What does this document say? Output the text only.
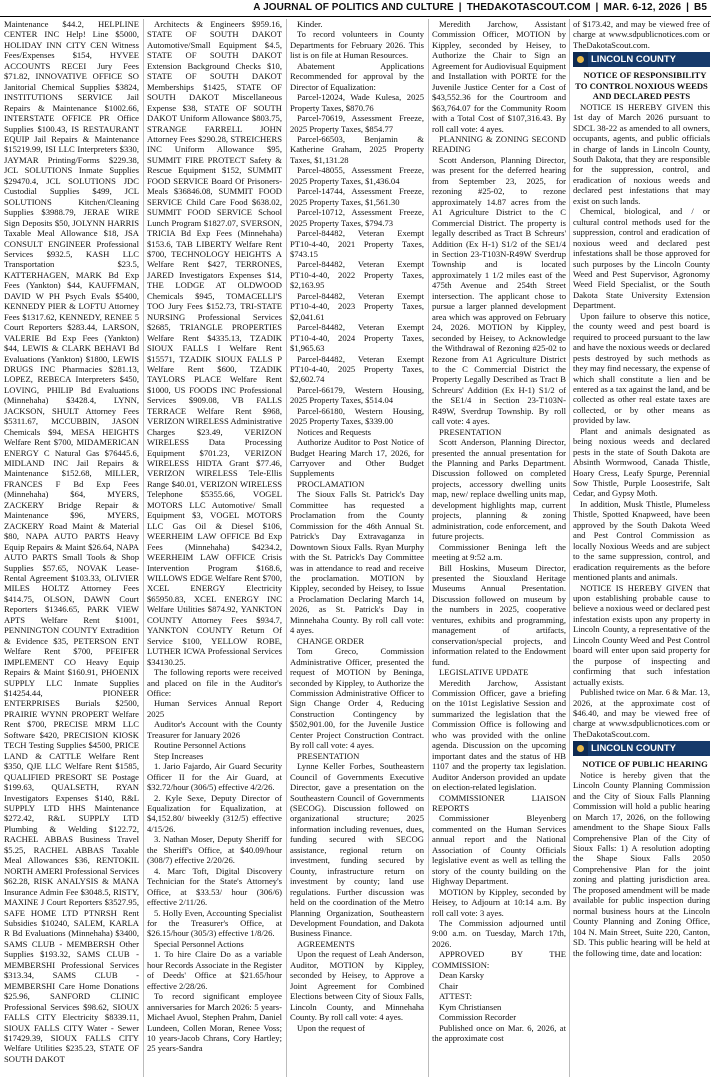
A JOURNAL OF POLITICS AND CULTURE | THEDAKOTASCOUT.COM | MAR. 6-12, 2026 | B5

Maintenance $44.2, HELPLINE CENTER INC Help! Line $5000, HOLIDAY INN CITY CEN Witness Fees/Expenses $154, HYVEE ACCOUNTS RECEI Jury Fees $71.82, INNOVATIVE OFFICE SO Janitorial Chemical Supplies $3824, INSTITUTIONS SERVICE Jail Repairs & Maintenance $1002.66, INTERSTATE OFFICE PR Office Supplies $100.43, IS RESTAURANT EQUIP Jail Repairs & Maintenance $15219.99, ISI LLC Interpreters $330, JAYMAR Printing/Forms $229.38, JCL SOLUTIONS Inmate Supplies $29470.4, JCL SOLUTIONS JDC Custodial Supplies $499, JCL SOLUTIONS Kitchen/Cleaning Supplies $3988.79, JERAE WIRE Sign Deposits $50, JOLYNN HARRIS Taxable Meal Allowance $18, JSA CONSULT ENGINEER Professional Services $932.5, KASH LLC Transportation $23.5, KATTERHAGEN, MARK Bd Exp Fees (Yankton) $44, KAUFFMAN, DAVID W PH Psych Evals $5400, KENNEDY PIER & LOFTU Attorney Fees $1317.62, KENNEDY, RENEE 5 Court Reporters $283.44, LARSON, VALERIE Bd Exp Fees (Yankton) $44, LEWIS & CLARK BEHAVI Bd Evaluations (Yankton) $1800, LEWIS DRUGS INC Pharmacies $281.13, LOPEZ, REBECA Interpreters $450, LOVING, PHILIP Bd Evaluations (Minnehaha) $3428.4, LYNN, JACKSON, SHULT Attorney Fees $5311.67, MCCUBBIN, JASON Chemicals $94, MESA HEIGHTS Welfare Rent $700, MIDAMERICAN ENERGY C Natural Gas $76445.6, MIDLAND INC Jail Repairs & Maintenance $152.68, MILLER, FRANCES F Bd Exp Fees (Minnehaha) $64, MYERS, ZACKERY Bridge Repair & Maintenance $96, MYERS, ZACKERY Road Maint & Material $80, NAPA AUTO PARTS Heavy Equip Repairs & Maint $26.64, NAPA AUTO PARTS Small Tools & Shop Supplies $57.65, NOVAK Lease-Rental Agreement $103.33, OLIVIER MILES HOLTZ Attorney Fees $414.75, OLSON, DAWN Court Reporters $1346.65, PARK VIEW APTS Welfare Rent $1001, PENNINGTON COUNTY Extradition & Evidence $35, PETERSON ENT Welfare Rent $700, PFEIFER IMPLEMENT CO Heavy Equip Repairs & Maint $160.91, PHOENIX SUPPLY LLC Inmate Supplies $14254.44, PIONEER ENTERPRISES Burials $2500, PRAIRIE WYNN PROPERT Welfare Rent $700, PRECISE MRM LLC Software $420, PRECISION KIOSK TECH Testing Supplies $4500, PRICE LAND & CATTLE Welfare Rent $350, QJE LLC Welfare Rent $1585, QUALIFIED PRESORT SE Postage $199.63, QUALSETH, RYAN Investigators Expenses $140, R&L SUPPLY LTD HHS Maintenance $272.42, R&L SUPPLY LTD Plumbing & Welding $122.72, RACHEL ABBAS Business Travel $5.25, RACHEL ABBAS Taxable Meal Allowances $36, RENTOKIL NORTH AMERI Professional Services $62.28, RISK ANALYSIS & MANA Insurance Admin Fee $3048.5, RISTY, MAXINE J Court Reporters $3527.95, SAFE HOME LTD PTNRSH Rent Subsidies $10240, SALEM, KARLA R Bd Evaluations (Minnehaha) $3400, SAMS CLUB - MEMBERSH Other Supplies $193.32, SAMS CLUB - MEMBERSHI Professional Services $313.34, SAMS CLUB - MEMBERSHI Care Home Donations $25.96, SANFORD CLINIC Professional Services $98.62, SIOUX FALLS CITY Electricity $8339.11, SIOUX FALLS CITY Water - Sewer $17429.39, SIOUX FALLS CITY Welfare Utilities $235.23, STATE OF SOUTH DAKOT

Architects & Engineers $959.16, STATE OF SOUTH DAKOT Automotive/Small Equipment $4.5, STATE OF SOUTH DAKOT Extension Background Checks $10, STATE OF SOUTH DAKOT Memberships $1425, STATE OF SOUTH DAKOT Miscellaneous Expense $38, STATE OF SOUTH DAKOT Uniform Allowance $803.75, STRANGE FARRELL JOHN Attorney Fees $290.28, STREICHERS INC Uniform Allowance $95, SUMMIT FIRE PROTECT Safety & Rescue Equipment $152, SUMMIT FOOD SERVICE Board Of Prisoners-Meals $36846.08, SUMMIT FOOD SERVICE Child Care Food $638.02, SUMMIT FOOD SERVICE School Lunch Program $1827.07, SVERSON, TRICIA Bd Exp Fees (Minnehaha) $153.6, TAB LIBERTY Welfare Rent $700, TECHNOLOGY HEIGHTS A Welfare Rent $427, TERRONES, JARED Investigators Expenses $14, THE LODGE AT OLDWOOD Chemicals $945, TOMACELLI'S TOO Jury Fees $152.73, TRI-STATE NURSING Professional Services $2685, TRIANGLE PROPERTIES Welfare Rent $4335.13, TZADIK SIOUX FALLS I Welfare Rent $15571, TZADIK SIOUX FALLS P Welfare Rent $600, TZADIK TAYLORS PLACE Welfare Rent $1000, US FOODS INC Professional Services $909.08, VB FALLS TERRACE Welfare Rent $968, VERIZON WIRELESS Administrative Charges $23.49, VERIZON WIRELESS Data Processing Equipment $701.23, VERIZON WIRELESS HIDTA Grant $77.46, VERIZON WIRELESS Tele-Ellis Range $40.01, VERIZON WIRELESS Telephone $5355.66, VOGEL MOTORS LLC Automotive/ Small Equipment $3, VOGEL MOTORS LLC Gas Oil & Diesel $106, WEERHEIM LAW OFFICE Bd Exp Fees (Minnehaha) $4234.2, WEERHEIM LAW OFFICE Crisis Intervention Program $168.6, WILLOWS EDGE Welfare Rent $700, XCEL ENERGY Electricity $65950.83, XCEL ENERGY INC Welfare Utilities $874.92, YANKTON COUNTY Attorney Fees $934.7, YANKTON COUNTY Return Of Service $100, YELLOW ROBE, LUTHER ICWA Professional Services $34130.25.

The following reports were received and placed on file in the Auditor's Office:

Human Services Annual Report 2025

Auditor's Account with the County Treasurer for January 2026

Routine Personnel Actions

Step Increases

1. Jario Fajardo, Air Guard Security Officer II for the Air Guard, at $32.72/hour (306/5) effective 4/2/26.

2. Kyle Sexe, Deputy Director of Equalization for Equalization, at $4,152.80/ biweekly (312/5) effective 4/15/26.

3. Nathan Moser, Deputy Sheriff for the Sheriff's Office, at $40.09/hour (308/7) effective 2/20/26.

4. Marc Toft, Digital Discovery Technician for the State's Attorney's Office, at $33.53/ hour (306/6) effective 2/11/26.

5. Holly Even, Accounting Specialist for the Treasurer's Office, at $26.15/hour (305/3) effective 1/8/26.

Special Personnel Actions

1. To hire Claire Do as a variable hour Records Associate in the Register of Deeds' Office at $21.65/hour effective 2/28/26.

To record significant employee anniversaries for March 2026: 5 years-Michael Avuol, Stephen Prahm, Daniel Lundeen, Collen Moran, Renee Voss; 10 years-Jacob Chrans, Cory Hartley; 25 years-Sandra

Kinder.

To record volunteers in County Departments for February 2026. This list is on file at Human Resources.

Abatement Applications Recommended for approval by the Director of Equalization:

Parcel-12024, Wade Kulesa, 2025 Property Taxes, $870.76

Parcel-70619, Assessment Freeze, 2025 Property Taxes, $854.77

Parcel-66503, Benjamin & Katherine Graham, 2025 Property Taxes, $1,131.28

Parcel-48055, Assessment Freeze, 2025 Property Taxes, $1,436.04

Parcel-14744, Assessment Freeze, 2025 Property Taxes, $1,561.30

Parcel-10712, Assessment Freeze, 2025 Property Taxes, $794.73

Parcel-84482, Veteran Exempt PT10-4-40, 2021 Property Taxes, $743.15

Parcel-84482, Veteran Exempt PT10-4-40, 2022 Property Taxes, $2,163.95

Parcel-84482, Veteran Exempt PT10-4-40, 2023 Property Taxes, $2,041.61

Parcel-84482, Veteran Exempt PT10-4-40, 2024 Property Taxes, $1,965.63

Parcel-84482, Veteran Exempt PT10-4-40, 2025 Property Taxes, $2,602.74

Parcel-66179, Western Housing, 2025 Property Taxes, $514.04

Parcel-66180, Western Housing, 2025 Property Taxes, $339.00

Notices and Requests

Authorize Auditor to Post Notice of Budget Hearing March 17, 2026, for Carryover and Other Budget Supplements

PROCLAMATION

The Sioux Falls St. Patrick's Day Committee has requested a Proclamation from the County Commission for the 46th Annual St. Patrick's Day Extravaganza in Downtown Sioux Falls. Ryan Murphy with the St. Patrick's Day Committee was in attendance to read and receive the proclamation. MOTION by Kippley, seconded by Heisey, to Issue a Proclamation Declaring March 14, 2026, as St. Patrick's Day in Minnehaha County. By roll call vote: 4 ayes.

CHANGE ORDER

Tom Greco, Commission Administrative Officer, presented the request of MOTION by Beninga, seconded by Kippley, to Authorize the Commission Administrative Officer to Sign Change Order 4, Reducing Construction Contingency by $502,901.00, for the Juvenile Justice Center Project Construction Contract. By roll call vote: 4 ayes.

PRESENTATION

Lynne Keller Forbes, Southeastern Council of Governments Executive Director, gave a presentation on the Southeastern Council of Governments (SECOG). Discussion followed on organizational structure; 2025 information including revenues, dues, funding secured with SECOG assistance, regional return on investment, funding secured by County, infrastructure return on investment by county; land use regulations. Further discussion was held on the coordination of the Metro Planning Organization, Southeastern Development Foundation, and Dakota Business Finance.

AGREEMENTS

Upon the request of Leah Anderson, Auditor, MOTION by Kippley, seconded by Heisey, to Approve a Joint Agreement for Combined Elections between City of Sioux Falls, Lincoln County, and Minnehaha County. By roll call vote: 4 ayes.

Upon the request of

Meredith Jarchow, Assistant Commission Officer, MOTION by Kippley, seconded by Heisey, to Authorize the Chair to Sign an Agreement for Audiovisual Equipment and Installation with PORTE for the Juvenile Justice Center for a Cost of $43,552.36 for the Courtroom and $63,764.07 for the Community Room with a Total Cost of $107,316.43. By roll call vote: 4 ayes.

PLANNING & ZONING SECOND READING

Scott Anderson, Planning Director, was present for the deferred hearing from September 23, 2025, for rezoning #25-02, to rezone approximately 14.87 acres from the A1 Agriculture District to the C Commercial District. The property is legally described as Tract B Schreurs' Addition (Ex H-1) S1/2 of the SE1/4 in Section 23-T103N-R49W Sverdrup Township and is located approximately 1 1/2 miles east of the 475th Avenue and 254th Street intersection. The applicant chose to pursue a larger planned development area which was approved on February 24, 2026. MOTION by Kippley, seconded by Heisey, to Acknowledge the Withdrawal of Rezoning #25-02 to Rezone from A1 Agriculture District to the C Commercial District the Property Legally Described as Tract B Schreurs' Addition (Ex H-1) S1/2 of the SE1/4 in Section 23-T103N-R49W, Sverdrup Township. By roll call vote: 4 ayes.

PRESENTATION

Scott Anderson, Planning Director, presented the annual presentation for the Planning and Parks Department. Discussion followed on completed projects, accessory dwelling units map, new/ replace dwelling units map, development highlights map, current projects, planning & zoning administration, code enforcement, and future projects.

Commissioner Beninga left the meeting at 9:52 a.m.

Bill Hoskins, Museum Director, presented the Siouxland Heritage Museums Annual Presentation. Discussion followed on museum by the numbers in 2025, cooperative ventures, exhibits and programming, management of artifacts, conservation/special projects, and information related to the Endowment fund.

LEGISLATIVE UPDATE

Meredith Jarchow, Assistant Commission Officer, gave a briefing on the 101st Legislative Session and summarized the legislation that the Commission Office is following and who was provided with the online agenda. Discussion on the upcoming important dates and the status of HB 1107 and the property tax legislation. Auditor Anderson provided an update on election-related legislation.

COMMISSIONER LIAISON REPORTS

Commissioner Bleyenberg commented on the Human Services annual report and the National Association of County Officials legislative event as well as telling the story of the county building on the Highway Department.

MOTION by Kippley, seconded by Heisey, to Adjourn at 10:14 a.m. By roll call vote: 3 ayes.

The Commission adjourned until 9:00 a.m. on Tuesday, March 17th, 2026.

APPROVED BY THE COMMISSION:

Dean Karsky

Chair

ATTEST:

Kym Christiansen

Commission Recorder

Published once on Mar. 6, 2026, at the approximate cost

of $173.42, and may be viewed free of charge at www.sdpublicnotices.com or TheDakotaScout.com.

LINCOLN COUNTY

NOTICE OF RESPONSIBILITY TO CONTROL NOXIOUS WEEDS AND DECLARED PESTS

NOTICE IS HEREBY GIVEN this 1st day of March 2026 pursuant to SDCL 38-22 as amended to all owners, occupants, agents, and public officials in charge of lands in Lincoln County, South Dakota, that they are responsible for the suppression, control, and eradication of noxious weeds and declared pest infestations that may exist on such lands.

Chemical, biological, and / or cultural control methods used for the suppression, control and eradication of noxious weed and declared pest infestations shall be those approved for such purposes by the Lincoln County Weed and Pest Supervisor, Agronomy Weed Field Specialist, or the South Dakota State University Extension Department.

Upon failure to observe this notice, the county weed and pest board is required to proceed pursuant to the law and have the noxious weeds or declared pests destroyed by such methods as they may find necessary, the expense of which shall constitute a lien and be entered as a tax against the land, and be collected as other real estate taxes are collected, or by other means as provided by law.

Plant and animals designated as being noxious weeds and declared pests in the state of South Dakota are Absinth Wormwood, Canada Thistle, Hoary Cress, Leafy Spurge, Perennial Sow Thistle, Purple Loosestrife, Salt Cedar, and Gypsy Moth.

In addition, Musk Thistle, Plumeless Thistle, Spotted Knapweed, have been approved by the South Dakota Weed and Pest Control Commission as locally Noxious Weeds and are subject to the same suppression, control, and eradication requirements as the before mentioned plants and animals.

NOTICE IS HEREBY GIVEN that upon establishing probable cause to believe a noxious weed or declared pest infestation exists upon any property in Lincoln County, a representative of the Lincoln County Weed and Pest Control board will enter upon said property for the purpose of inspecting and confirming that such infestation actually exists.

Published twice on Mar. 6 & Mar. 13, 2026, at the approximate cost of $46.40, and may be viewed free of charge at www.sdpublicnotices.com or TheDakotaScout.com.

LINCOLN COUNTY

NOTICE OF PUBLIC HEARING

Notice is hereby given that the Lincoln County Planning Commission and the City of Sioux Falls Planning Commission will hold a public hearing on March 17, 2026, on the following amendment to the Shape Sioux Falls Comprehensive Plan of the City of Sioux Falls: 1) A resolution adopting the Shape Sioux Falls 2050 Comprehensive Plan for the joint zoning and platting jurisdiction area. The proposed amendment will be made available for public inspection during normal business hours at the Lincoln County Planning and Zoning Office, 104 N. Main Street, Suite 220, Canton, SD. This public hearing will be held at the following time, date and location:
